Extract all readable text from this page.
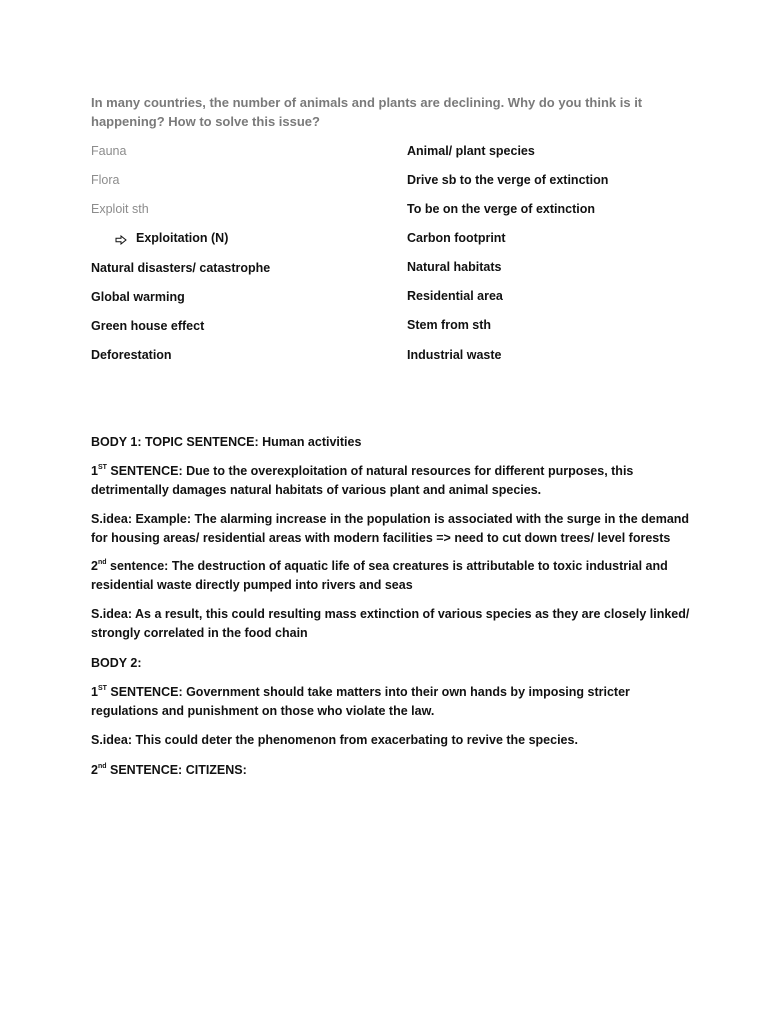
In many countries, the number of animals and plants are declining. Why do you think is it happening? How to solve this issue?
Fauna
Flora
Exploit sth
Exploitation (N)
Natural disasters/ catastrophe
Global warming
Green house effect
Deforestation
Animal/ plant species
Drive sb to the verge of extinction
To be on the verge of extinction
Carbon footprint
Natural habitats
Residential area
Stem from sth
Industrial waste
BODY 1: TOPIC SENTENCE: Human activities
1ST SENTENCE: Due to the overexploitation of natural resources for different purposes, this detrimentally damages natural habitats of various plant and animal species.
S.idea: Example: The alarming increase in the population is associated with the surge in the demand for housing areas/ residential areas with modern facilities => need to cut down trees/ level forests
2nd sentence: The destruction of aquatic life of sea creatures is attributable to toxic industrial and residential waste directly pumped into rivers and seas
S.idea: As a result, this could resulting mass extinction of various species as they are closely linked/ strongly correlated in the food chain
BODY 2:
1ST SENTENCE: Government should take matters into their own hands by imposing stricter regulations and punishment on those who violate the law.
S.idea: This could deter the phenomenon from exacerbating to revive the species.
2nd SENTENCE: CITIZENS:
